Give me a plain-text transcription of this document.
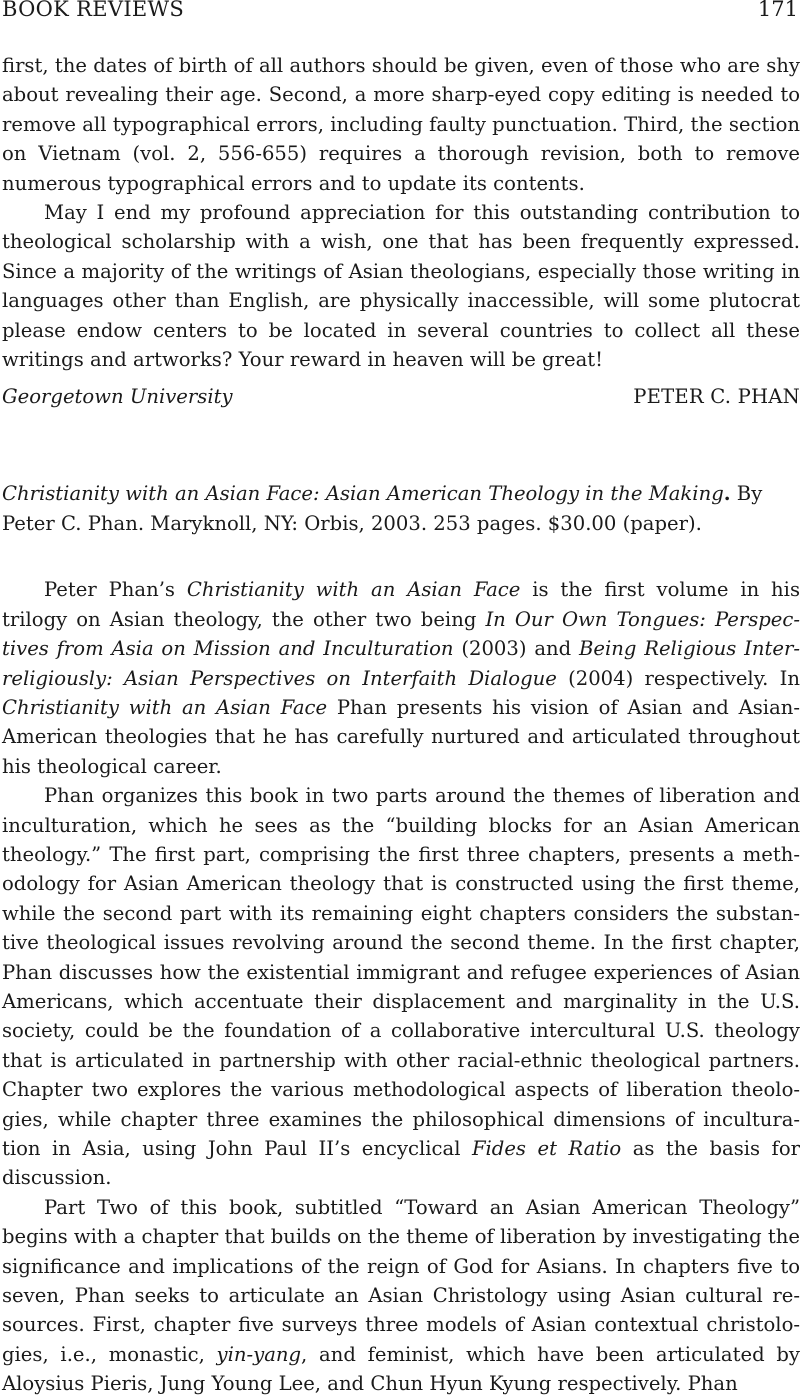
BOOK REVIEWS	171

first, the dates of birth of all authors should be given, even of those who are shy about revealing their age. Second, a more sharp-eyed copy editing is needed to remove all typographical errors, including faulty punctuation. Third, the section on Vietnam (vol. 2, 556-655) requires a thorough revision, both to remove numerous typographical errors and to update its contents.

May I end my profound appreciation for this outstanding contribution to theological scholarship with a wish, one that has been frequently expressed. Since a majority of the writings of Asian theologians, especially those writing in languages other than English, are physically inaccessible, will some plutocrat please endow centers to be located in several countries to collect all these writings and artworks? Your reward in heaven will be great!

Georgetown University	PETER C. PHAN

Christianity with an Asian Face: Asian American Theology in the Making. By Peter C. Phan. Maryknoll, NY: Orbis, 2003. 253 pages. $30.00 (paper).

Peter Phan’s Christianity with an Asian Face is the first volume in his trilogy on Asian theology, the other two being In Our Own Tongues: Perspectives from Asia on Mission and Inculturation (2003) and Being Religious Interreligiously: Asian Perspectives on Interfaith Dialogue (2004) respectively. In Christianity with an Asian Face Phan presents his vision of Asian and Asian-American theologies that he has carefully nurtured and articulated throughout his theological career.

Phan organizes this book in two parts around the themes of liberation and inculturation, which he sees as the “building blocks for an Asian American theology.” The first part, comprising the first three chapters, presents a methodology for Asian American theology that is constructed using the first theme, while the second part with its remaining eight chapters considers the substantive theological issues revolving around the second theme. In the first chapter, Phan discusses how the existential immigrant and refugee experiences of Asian Americans, which accentuate their displacement and marginality in the U.S. society, could be the foundation of a collaborative intercultural U.S. theology that is articulated in partnership with other racial-ethnic theological partners. Chapter two explores the various methodological aspects of liberation theologies, while chapter three examines the philosophical dimensions of inculturation in Asia, using John Paul II’s encyclical Fides et Ratio as the basis for discussion.

Part Two of this book, subtitled “Toward an Asian American Theology” begins with a chapter that builds on the theme of liberation by investigating the significance and implications of the reign of God for Asians. In chapters five to seven, Phan seeks to articulate an Asian Christology using Asian cultural resources. First, chapter five surveys three models of Asian contextual christologies, i.e., monastic, yin-yang, and feminist, which have been articulated by Aloysius Pieris, Jung Young Lee, and Chun Hyun Kyung respectively. Phan
